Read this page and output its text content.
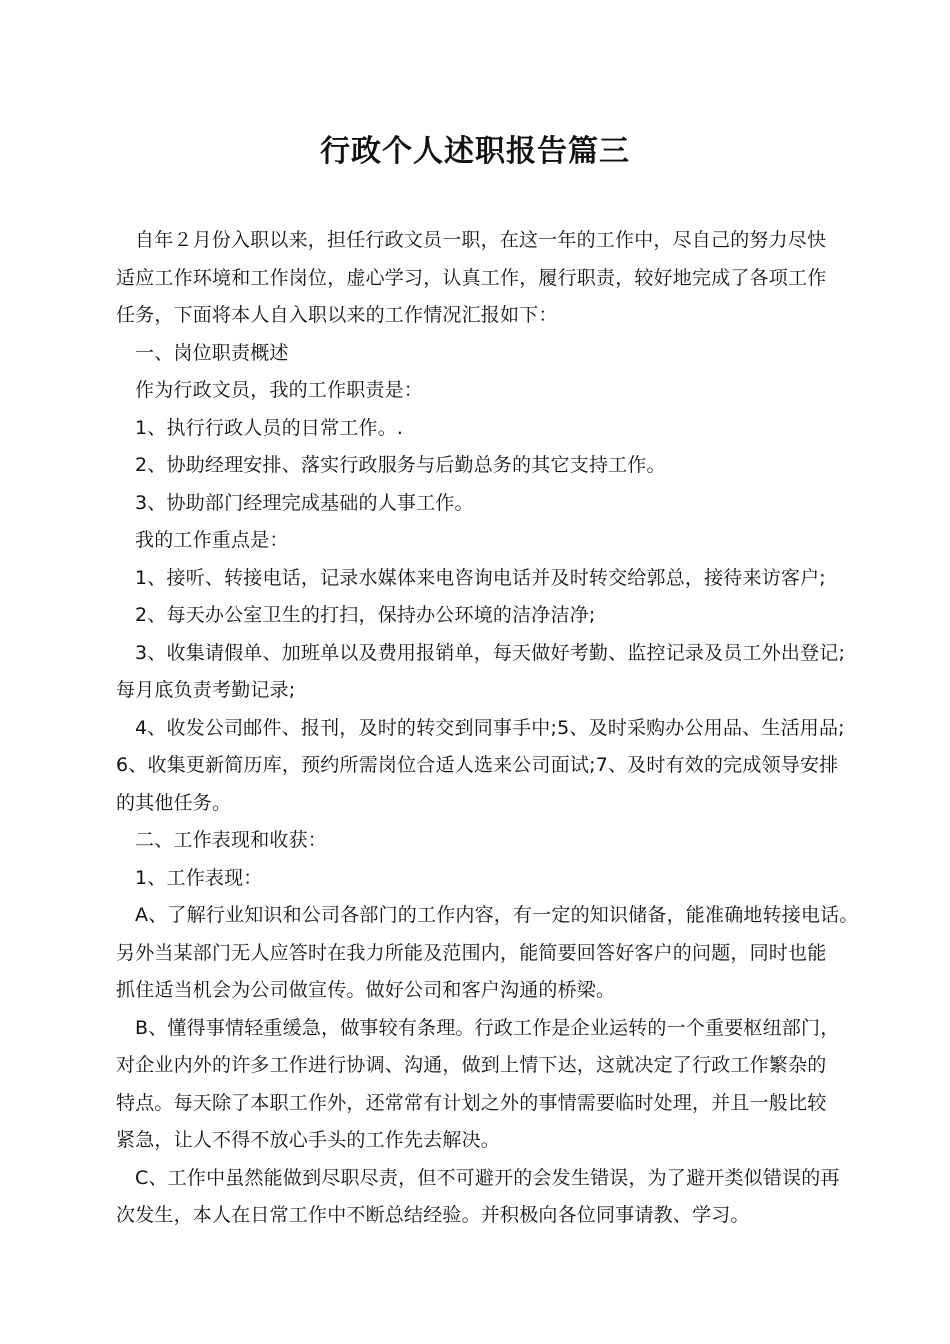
行政个人述职报告篇三

自年２月份入职以来，担任行政文员一职，在这一年的工作中，尽自己的努力尽快

适应工作环境和工作岗位，虚心学习，认真工作，履行职责，较好地完成了各项工作

任务，下面将本人自入职以来的工作情况汇报如下：

一、岗位职责概述

作为行政文员，我的工作职责是：

1、执行行政人员的日常工作。.

2、协助经理安排、落实行政服务与后勤总务的其它支持工作。

3、协助部门经理完成基础的人事工作。

我的工作重点是：

1、接听、转接电话，记录水媒体来电咨询电话并及时转交给郭总，接待来访客户;

2、每天办公室卫生的打扫，保持办公环境的洁净洁净;

3、收集请假单、加班单以及费用报销单，每天做好考勤、监控记录及员工外出登记;

每月底负责考勤记录;

4、收发公司邮件、报刊，及时的转交到同事手中;5、及时采购办公用品、生活用品;

6、收集更新简历库，预约所需岗位合适人选来公司面试;7、及时有效的完成领导安排

的其他任务。

二、工作表现和收获：

1、工作表现：

A、了解行业知识和公司各部门的工作内容，有一定的知识储备，能准确地转接电话。

另外当某部门无人应答时在我力所能及范围内，能简要回答好客户的问题，同时也能

抓住适当机会为公司做宣传。做好公司和客户沟通的桥梁。

B、懂得事情轻重缓急，做事较有条理。行政工作是企业运转的一个重要枢纽部门，

对企业内外的许多工作进行协调、沟通，做到上情下达，这就决定了行政工作繁杂的

特点。每天除了本职工作外，还常常有计划之外的事情需要临时处理，并且一般比较

紧急，让人不得不放心手头的工作先去解决。

C、工作中虽然能做到尽职尽责，但不可避开的会发生错误，为了避开类似错误的再

次发生，本人在日常工作中不断总结经验。并积极向各位同事请教、学习。
